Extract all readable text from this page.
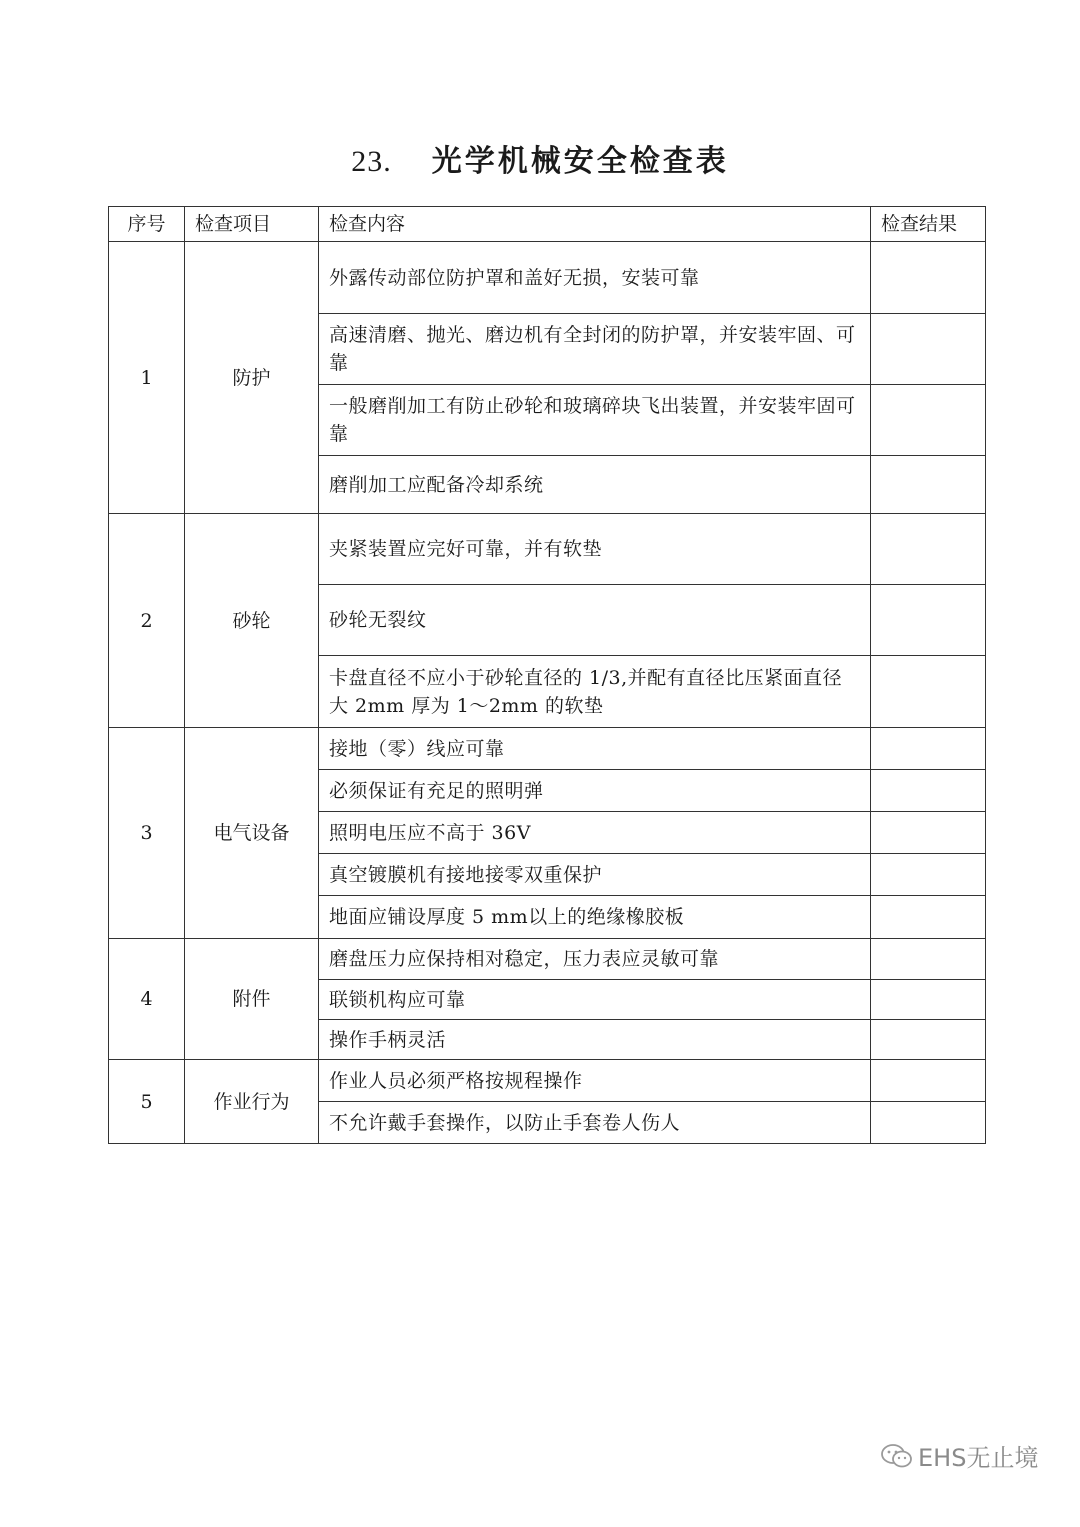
23. 光学机械安全检查表
序号	检查项目	检查内容	检查结果
1	防护	外露传动部位防护罩和盖好无损，安装可靠	
		高速清磨、抛光、磨边机有全封闭的防护罩，并安装牢固、可靠	
		一般磨削加工有防止砂轮和玻璃碎块飞出装置，并安装牢固可靠	
		磨削加工应配备冷却系统	
2	砂轮	夹紧装置应完好可靠，并有软垫	
		砂轮无裂纹	
		卡盘直径不应小于砂轮直径的 1/3,并配有直径比压紧面直径大 2mm 厚为 1～2mm 的软垫	
3	电气设备	接地（零）线应可靠	
		必须保证有充足的照明弹	
		照明电压应不高于 36V	
		真空镀膜机有接地接零双重保护	
		地面应铺设厚度 5 mm以上的绝缘橡胶板	
4	附件	磨盘压力应保持相对稳定，压力表应灵敏可靠	
		联锁机构应可靠	
		操作手柄灵活	
5	作业行为	作业人员必须严格按规程操作	
		不允许戴手套操作，以防止手套卷人伤人	
EHS无止境
